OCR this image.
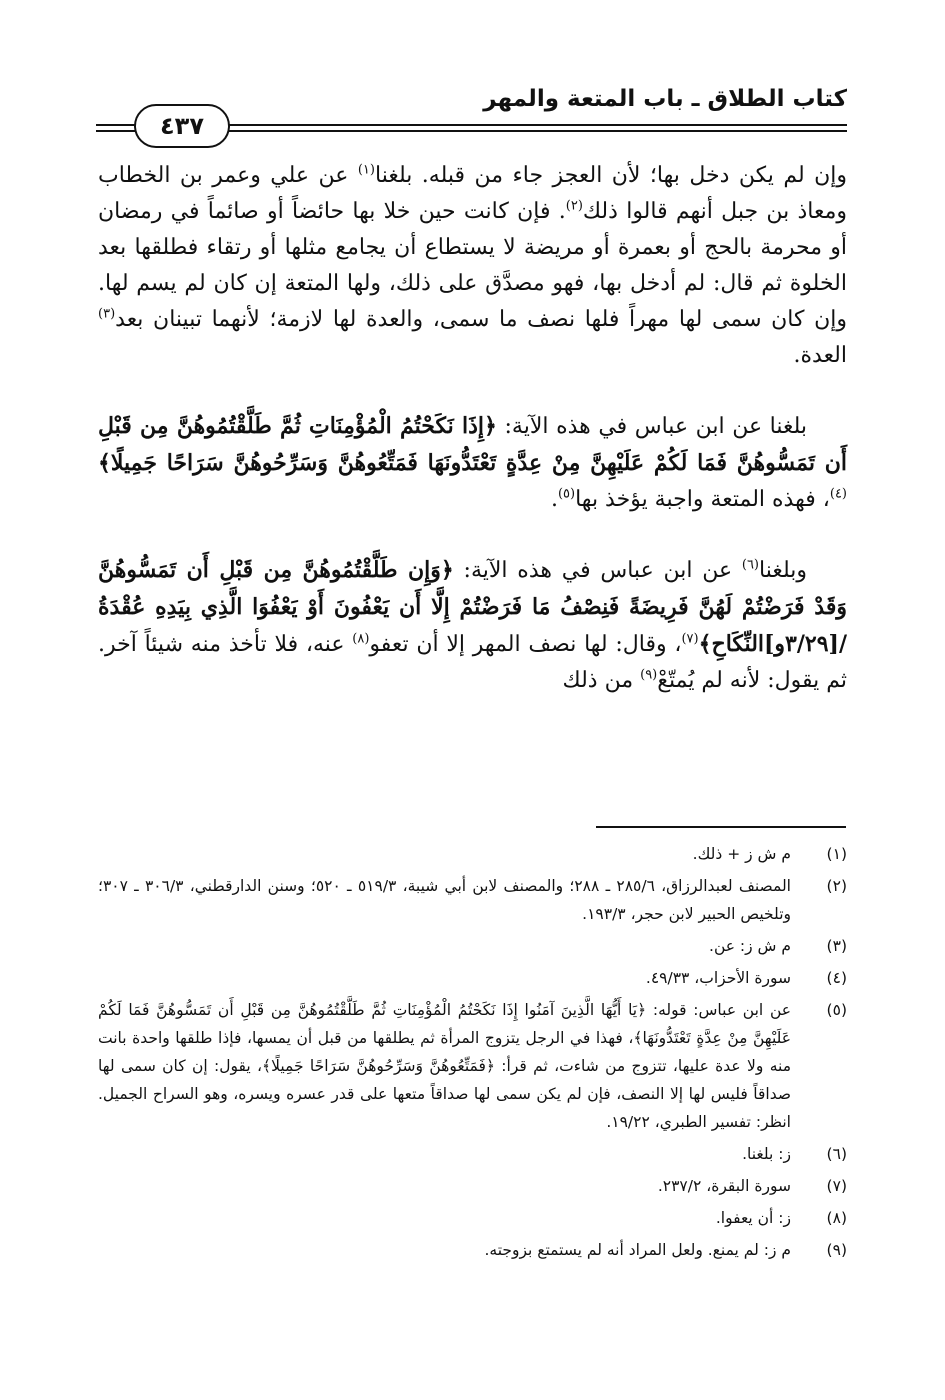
كتاب الطلاق ـ باب المتعة والمهر
٤٣٧

وإن لم يكن دخل بها؛ لأن العجز جاء من قبله. بلغنا$^{(١)}$ عن علي وعمر بن الخطاب ومعاذ بن جبل أنهم قالوا ذلك$^{(٢)}$. فإن كانت حين خلا بها حائضاً أو صائماً في رمضان أو محرمة بالحج أو بعمرة أو مريضة لا يستطاع أن يجامع مثلها أو رتقاء فطلقها بعد الخلوة ثم قال: لم أدخل بها، فهو مصدَّق على ذلك، ولها المتعة إن كان لم يسم لها. وإن كان سمى لها مهراً فلها نصف ما سمى، والعدة لها لازمة؛ لأنهما تبينان بعد$^{(٣)}$ العدة.

بلغنا عن ابن عباس في هذه الآية: ﴿إِذَا نَكَحْتُمُ الْمُؤْمِنَاتِ ثُمَّ طَلَّقْتُمُوهُنَّ مِن قَبْلِ أَن تَمَسُّوهُنَّ فَمَا لَكُمْ عَلَيْهِنَّ مِنْ عِدَّةٍ تَعْتَدُّونَهَا فَمَتِّعُوهُنَّ وَسَرِّحُوهُنَّ سَرَاحًا جَمِيلًا﴾$^{(٤)}$، فهذه المتعة واجبة يؤخذ بها$^{(٥)}$.

وبلغنا$^{(٦)}$ عن ابن عباس في هذه الآية: ﴿وَإِن طَلَّقْتُمُوهُنَّ مِن قَبْلِ أَن تَمَسُّوهُنَّ وَقَدْ فَرَضْتُمْ لَهُنَّ فَرِيضَةً فَنِصْفُ مَا فَرَضْتُمْ إِلَّا أَن يَعْفُونَ أَوْ يَعْفُوَا الَّذِي بِيَدِهِ عُقْدَةُ /[٣/٢٩و]النِّكَاحِ﴾$^{(٧)}$، وقال: لها نصف المهر إلا أن تعفو$^{(٨)}$ عنه، فلا تأخذ منه شيئاً آخر. ثم يقول: لأنه لم يُمتّعْ$^{(٩)}$ من ذلك

(١)
م ش ز + ذلك.
(٢)
المصنف لعبدالرزاق، ٢٨٥/٦ ـ ٢٨٨؛ والمصنف لابن أبي شيبة، ٥١٩/٣ ـ ٥٢٠؛ وسنن الدارقطني، ٣٠٦/٣ ـ ٣٠٧؛ وتلخيص الحبير لابن حجر، ١٩٣/٣.
(٣)
م ش ز: عن.
(٤)
سورة الأحزاب، ٤٩/٣٣.
(٥)
عن ابن عباس: قوله: ﴿يَا أَيُّهَا الَّذِينَ آمَنُوا إِذَا نَكَحْتُمُ الْمُؤْمِنَاتِ ثُمَّ طَلَّقْتُمُوهُنَّ مِن قَبْلِ أَن تَمَسُّوهُنَّ فَمَا لَكُمْ عَلَيْهِنَّ مِنْ عِدَّةٍ تَعْتَدُّونَهَا﴾، فهذا في الرجل يتزوج المرأة ثم يطلقها من قبل أن يمسها، فإذا طلقها واحدة بانت منه ولا عدة عليها، تتزوج من شاءت، ثم قرأ: ﴿فَمَتِّعُوهُنَّ وَسَرِّحُوهُنَّ سَرَاحًا جَمِيلًا﴾، يقول: إن كان سمى لها صداقاً فليس لها إلا النصف، فإن لم يكن سمى لها صداقاً متعها على قدر عسره ويسره، وهو السراح الجميل. انظر: تفسير الطبري، ١٩/٢٢.
(٦)
ز: بلغنا.
(٧)
سورة البقرة، ٢٣٧/٢.
(٨)
ز: أن يعفوا.
(٩)
م ز: لم يمنع. ولعل المراد أنه لم يستمتع بزوجته.
